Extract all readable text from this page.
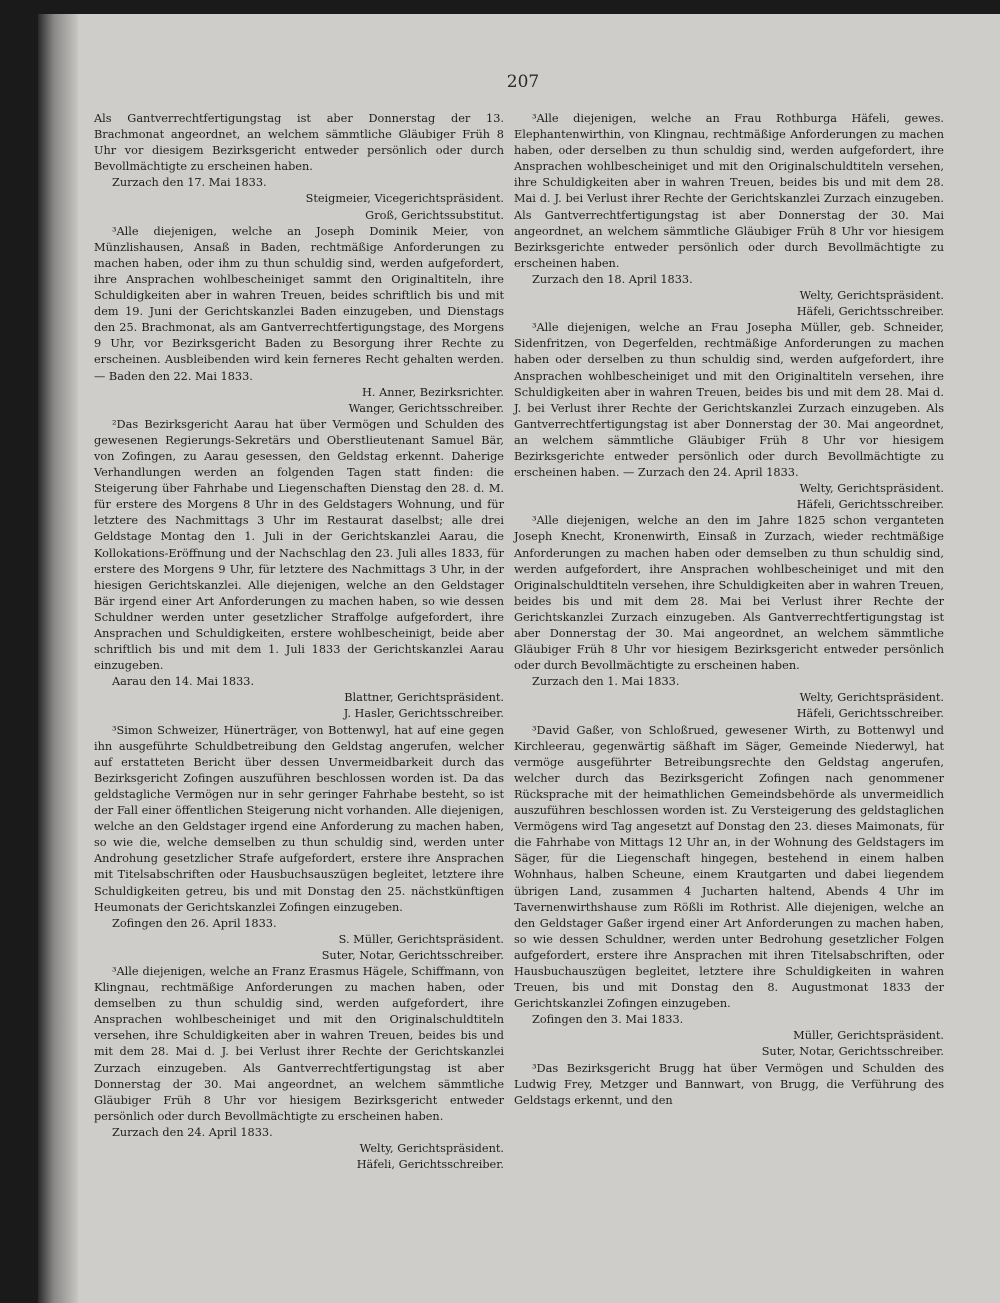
207

Als Gantverrechtfertigungstag ist aber Donnerstag der 13. Brachmonat angeordnet, an welchem sämmtliche Gläubiger Früh 8 Uhr vor diesigem Bezirksgericht entweder persönlich oder durch Bevollmächtigte zu erscheinen haben.

Zurzach den 17. Mai 1833.

Steigmeier, Vicegerichtspräsident.

Groß, Gerichtssubstitut.

³Alle diejenigen, welche an Joseph Dominik Meier, von Münzlishausen, Ansaß in Baden, rechtmäßige Anforderungen zu machen haben, oder ihm zu thun schuldig sind, werden aufgefordert, ihre Ansprachen wohlbescheiniget sammt den Originaltiteln, ihre Schuldigkeiten aber in wahren Treuen, beides schriftlich bis und mit dem 19. Juni der Gerichtskanzlei Baden einzugeben, und Dienstags den 25. Brachmonat, als am Gantverrechtfertigungstage, des Morgens 9 Uhr, vor Bezirksgericht Baden zu Besorgung ihrer Rechte zu erscheinen. Ausbleibenden wird kein ferneres Recht gehalten werden. — Baden den 22. Mai 1833.

H. Anner, Bezirksrichter.

Wanger, Gerichtsschreiber.

²Das Bezirksgericht Aarau hat über Vermögen und Schulden des gewesenen Regierungs-Sekretärs und Oberstlieutenant Samuel Bär, von Zofingen, zu Aarau gesessen, den Geldstag erkennt. Daherige Verhandlungen werden an folgenden Tagen statt finden: die Steigerung über Fahrhabe und Liegenschaften Dienstag den 28. d. M. für erstere des Morgens 8 Uhr in des Geldstagers Wohnung, und für letztere des Nachmittags 3 Uhr im Restaurat daselbst; alle drei Geldstage Montag den 1. Juli in der Gerichtskanzlei Aarau, die Kollokations-Eröffnung und der Nachschlag den 23. Juli alles 1833, für erstere des Morgens 9 Uhr, für letztere des Nachmittags 3 Uhr, in der hiesigen Gerichtskanzlei. Alle diejenigen, welche an den Geldstager Bär irgend einer Art Anforderungen zu machen haben, so wie dessen Schuldner werden unter gesetzlicher Straffolge aufgefordert, ihre Ansprachen und Schuldigkeiten, erstere wohlbescheinigt, beide aber schriftlich bis und mit dem 1. Juli 1833 der Gerichtskanzlei Aarau einzugeben.

Aarau den 14. Mai 1833.

Blattner, Gerichtspräsident.

J. Hasler, Gerichtsschreiber.

³Simon Schweizer, Hünerträger, von Bottenwyl, hat auf eine gegen ihn ausgeführte Schuldbetreibung den Geldstag angerufen, welcher auf erstatteten Bericht über dessen Unvermeidbarkeit durch das Bezirksgericht Zofingen auszuführen beschlossen worden ist. Da das geldstagliche Vermögen nur in sehr geringer Fahrhabe besteht, so ist der Fall einer öffentlichen Steigerung nicht vorhanden. Alle diejenigen, welche an den Geldstager irgend eine Anforderung zu machen haben, so wie die, welche demselben zu thun schuldig sind, werden unter Androhung gesetzlicher Strafe aufgefordert, erstere ihre Ansprachen mit Titelsabschriften oder Hausbuchsauszügen begleitet, letztere ihre Schuldigkeiten getreu, bis und mit Donstag den 25. nächstkünftigen Heumonats der Gerichtskanzlei Zofingen einzugeben.

Zofingen den 26. April 1833.

S. Müller, Gerichtspräsident.

Suter, Notar, Gerichtsschreiber.

³Alle diejenigen, welche an Franz Erasmus Hägele, Schiffmann, von Klingnau, rechtmäßige Anforderungen zu machen haben, oder demselben zu thun schuldig sind, werden aufgefordert, ihre Ansprachen wohlbescheiniget und mit den Originalschuldtiteln versehen, ihre Schuldigkeiten aber in wahren Treuen, beides bis und mit dem 28. Mai d. J. bei Verlust ihrer Rechte der Gerichtskanzlei Zurzach einzugeben. Als Gantverrechtfertigungstag ist aber Donnerstag der 30. Mai angeordnet, an welchem sämmtliche Gläubiger Früh 8 Uhr vor hiesigem Bezirksgericht entweder persönlich oder durch Bevollmächtigte zu erscheinen haben.

Zurzach den 24. April 1833.

Welty, Gerichtspräsident.

Häfeli, Gerichtsschreiber.

³Alle diejenigen, welche an Frau Rothburga Häfeli, gewes. Elephantenwirthin, von Klingnau, rechtmäßige Anforderungen zu machen haben, oder derselben zu thun schuldig sind, werden aufgefordert, ihre Ansprachen wohlbescheiniget und mit den Originalschuldtiteln versehen, ihre Schuldigkeiten aber in wahren Treuen, beides bis und mit dem 28. Mai d. J. bei Verlust ihrer Rechte der Gerichtskanzlei Zurzach einzugeben. Als Gantverrechtfertigungstag ist aber Donnerstag der 30. Mai angeordnet, an welchem sämmtliche Gläubiger Früh 8 Uhr vor hiesigem Bezirksgerichte entweder persönlich oder durch Bevollmächtigte zu erscheinen haben.

Zurzach den 18. April 1833.

Welty, Gerichtspräsident.

Häfeli, Gerichtsschreiber.

³Alle diejenigen, welche an Frau Josepha Müller, geb. Schneider, Sidenfritzen, von Degerfelden, rechtmäßige Anforderungen zu machen haben oder derselben zu thun schuldig sind, werden aufgefordert, ihre Ansprachen wohlbescheiniget und mit den Originaltiteln versehen, ihre Schuldigkeiten aber in wahren Treuen, beides bis und mit dem 28. Mai d. J. bei Verlust ihrer Rechte der Gerichtskanzlei Zurzach einzugeben. Als Gantverrechtfertigungstag ist aber Donnerstag der 30. Mai angeordnet, an welchem sämmtliche Gläubiger Früh 8 Uhr vor hiesigem Bezirksgerichte entweder persönlich oder durch Bevollmächtigte zu erscheinen haben. — Zurzach den 24. April 1833.

Welty, Gerichtspräsident.

Häfeli, Gerichtsschreiber.

³Alle diejenigen, welche an den im Jahre 1825 schon verganteten Joseph Knecht, Kronenwirth, Einsaß in Zurzach, wieder rechtmäßige Anforderungen zu machen haben oder demselben zu thun schuldig sind, werden aufgefordert, ihre Ansprachen wohlbescheiniget und mit den Originalschuldtiteln versehen, ihre Schuldigkeiten aber in wahren Treuen, beides bis und mit dem 28. Mai bei Verlust ihrer Rechte der Gerichtskanzlei Zurzach einzugeben. Als Gantverrechtfertigungstag ist aber Donnerstag der 30. Mai angeordnet, an welchem sämmtliche Gläubiger Früh 8 Uhr vor hiesigem Bezirksgericht entweder persönlich oder durch Bevollmächtigte zu erscheinen haben.

Zurzach den 1. Mai 1833.

Welty, Gerichtspräsident.

Häfeli, Gerichtsschreiber.

³David Gaßer, von Schloßrued, gewesener Wirth, zu Bottenwyl und Kirchleerau, gegenwärtig säßhaft im Säger, Gemeinde Niederwyl, hat vermöge ausgeführter Betreibungsrechte den Geldstag angerufen, welcher durch das Bezirksgericht Zofingen nach genommener Rücksprache mit der heimathlichen Gemeindsbehörde als unvermeidlich auszuführen beschlossen worden ist. Zu Versteigerung des geldstaglichen Vermögens wird Tag angesetzt auf Donstag den 23. dieses Maimonats, für die Fahrhabe von Mittags 12 Uhr an, in der Wohnung des Geldstagers im Säger, für die Liegenschaft hingegen, bestehend in einem halben Wohnhaus, halben Scheune, einem Krautgarten und dabei liegendem übrigen Land, zusammen 4 Jucharten haltend, Abends 4 Uhr im Tavernenwirthshause zum Rößli im Rothrist. Alle diejenigen, welche an den Geldstager Gaßer irgend einer Art Anforderungen zu machen haben, so wie dessen Schuldner, werden unter Bedrohung gesetzlicher Folgen aufgefordert, erstere ihre Ansprachen mit ihren Titelsabschriften, oder Hausbuchauszügen begleitet, letztere ihre Schuldigkeiten in wahren Treuen, bis und mit Donstag den 8. Augustmonat 1833 der Gerichtskanzlei Zofingen einzugeben.

Zofingen den 3. Mai 1833.

Müller, Gerichtspräsident.

Suter, Notar, Gerichtsschreiber.

³Das Bezirksgericht Brugg hat über Vermögen und Schulden des Ludwig Frey, Metzger und Bannwart, von Brugg, die Verführung des Geldstags erkennt, und den
